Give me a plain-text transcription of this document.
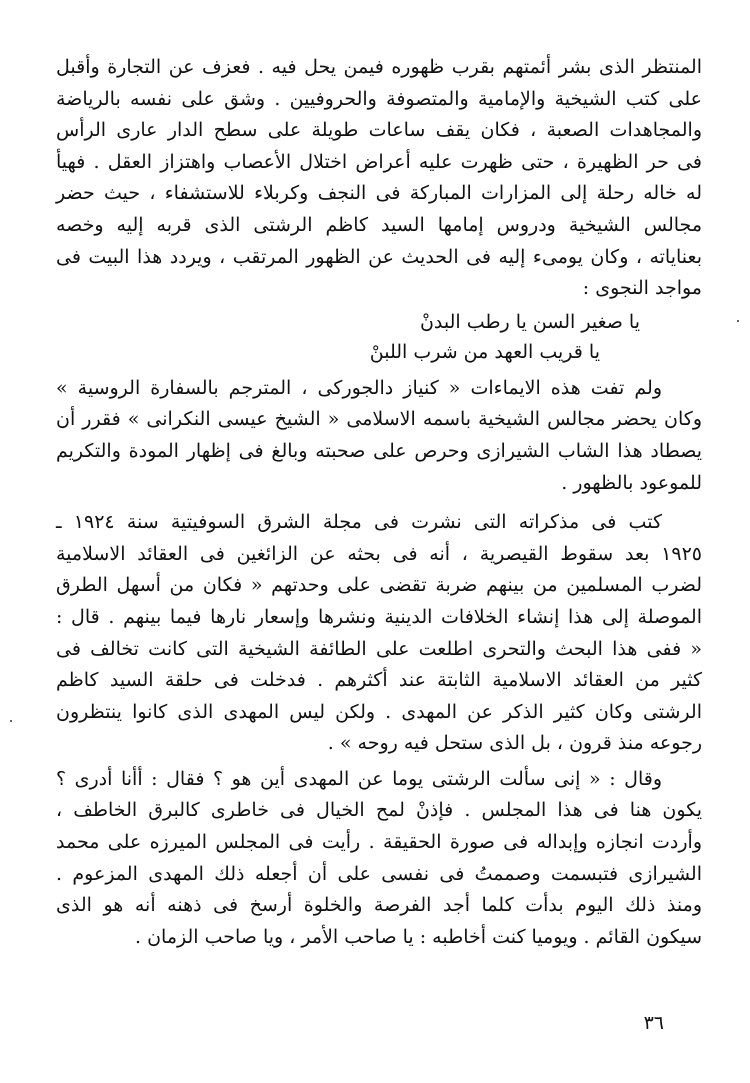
المنتظر الذى بشر أئمتهم بقرب ظهوره فيمن يحل فيه . فعزف عن التجارة وأقبل
على كتب الشيخية والإمامية والمتصوفة والحروفيين . وشق على نفسه بالرياضة
والمجاهدات الصعبة ، فكان يقف ساعات طويلة على سطح الدار عارى الرأس
فى حر الظهيرة ، حتى ظهرت عليه أعراض اختلال الأعصاب واهتزاز العقل . فهيأ
له خاله رحلة إلى المزارات المباركة فى النجف وكربلاء للاستشفاء ، حيث حضر
مجالس الشيخية ودروس إمامها السيد كاظم الرشتى الذى قربه إليه وخصه
بعناياته ، وكان يومىء إليه فى الحديث عن الظهور المرتقب ، ويردد هذا البيت فى
مواجد النجوى :

يا صغير السن يا رطب البدنْ
يا قريب العهد من شرب اللبنْ

ولم تفت هذه الايماءات « كنياز دالجوركى ، المترجم بالسفارة الروسية »
وكان يحضر مجالس الشيخية باسمه الاسلامى « الشيخ عيسى النكرانى » فقرر أن
يصطاد هذا الشاب الشيرازى وحرص على صحبته وبالغ فى إظهار المودة والتكريم
للموعود بالظهور .

كتب فى مذكراته التى نشرت فى مجلة الشرق السوفيتية سنة ١٩٢٤ ـ
١٩٢٥ بعد سقوط القيصرية ، أنه فى بحثه عن الزائغين فى العقائد الاسلامية
لضرب المسلمين من بينهم ضربة تقضى على وحدتهم « فكان من أسهل الطرق
الموصلة إلى هذا إنشاء الخلافات الدينية ونشرها وإسعار نارها فيما بينهم . قال :
« ففى هذا البحث والتحرى اطلعت على الطائفة الشيخية التى كانت تخالف فى
كثير من العقائد الاسلامية الثابتة عند أكثرهم . فدخلت فى حلقة السيد كاظم
الرشتى وكان كثير الذكر عن المهدى . ولكن ليس المهدى الذى كانوا ينتظرون
رجوعه منذ قرون ، بل الذى ستحل فيه روحه » .

وقال : « إنى سألت الرشتى يوما عن المهدى أين هو ؟ فقال : أأنا أدرى ؟
يكون هنا فى هذا المجلس . فإذنْ لمح الخيال فى خاطرى كالبرق الخاطف ،
وأردت انجازه وإبداله فى صورة الحقيقة . رأيت فى المجلس الميرزه على محمد
الشيرازى فتبسمت وصممتُ فى نفسى على أن أجعله ذلك المهدى المزعوم .
ومنذ ذلك اليوم بدأت كلما أجد الفرصة والخلوة أرسخ فى ذهنه أنه هو الذى
سيكون القائم . ويوميا كنت أخاطبه : يا صاحب الأمر ، ويا صاحب الزمان .

٣٦
